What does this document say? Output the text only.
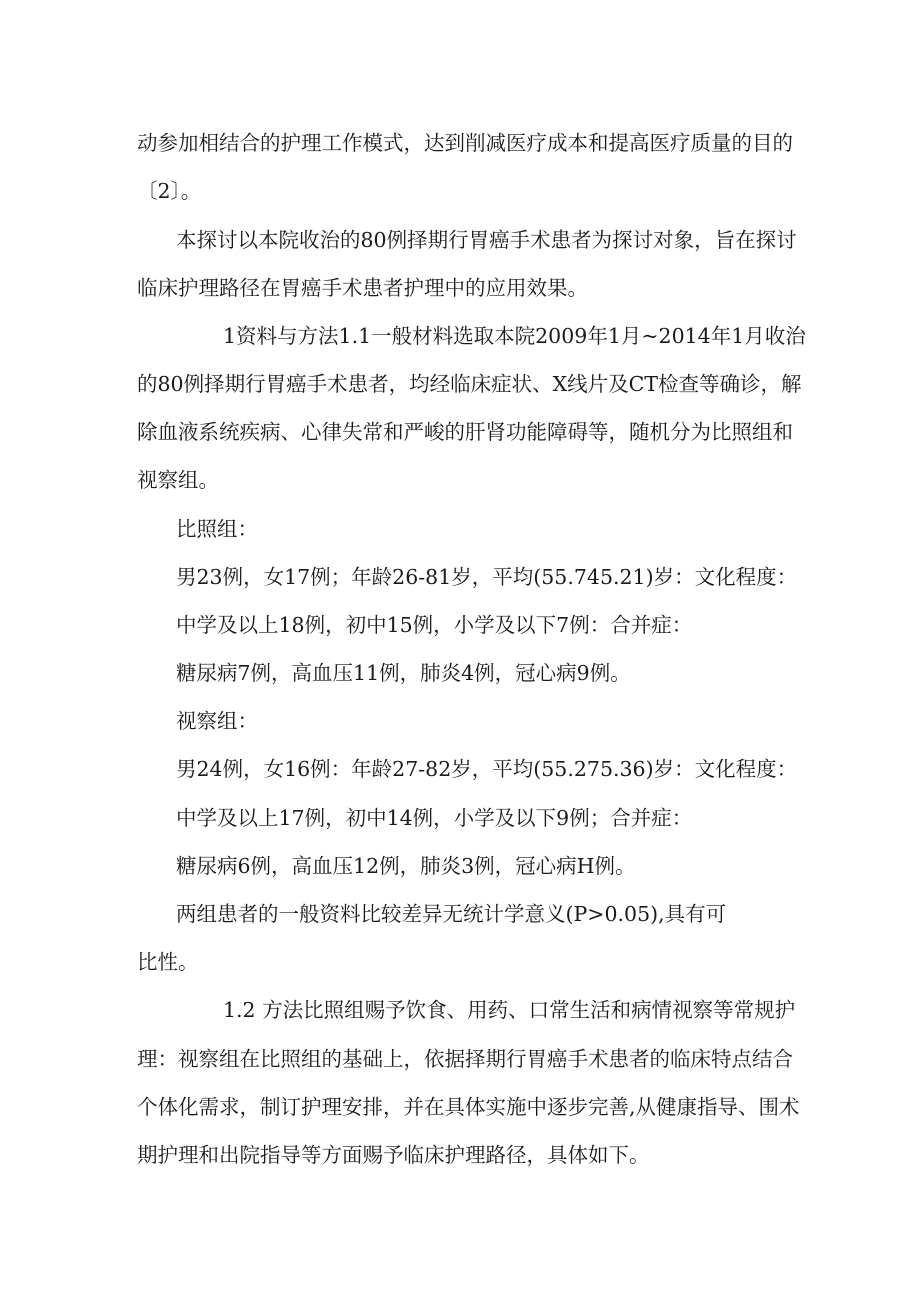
动参加相结合的护理工作模式，达到削减医疗成本和提高医疗质量的目的
〔2〕。
本探讨以本院收治的80例择期行胃癌手术患者为探讨对象，旨在探讨
临床护理路径在胃癌手术患者护理中的应用效果。
1资料与方法1.1一般材料选取本院2009年1月~2014年1月收治
的80例择期行胃癌手术患者，均经临床症状、X线片及CT检查等确诊，解
除血液系统疾病、心律失常和严峻的肝肾功能障碍等，随机分为比照组和
视察组。
比照组：
男23例，女17例；年龄26-81岁，平均(55.745.21)岁：文化程度：
中学及以上18例，初中15例，小学及以下7例：合并症：
糖尿病7例，高血压11例，肺炎4例，冠心病9例。
视察组：
男24例，女16例：年龄27-82岁，平均(55.275.36)岁：文化程度：
中学及以上17例，初中14例，小学及以下9例；合并症：
糖尿病6例，高血压12例，肺炎3例，冠心病H例。
两组患者的一般资料比较差异无统计学意义(P>0.05),具有可
比性。
1.2 方法比照组赐予饮食、用药、口常生活和病情视察等常规护
理：视察组在比照组的基础上，依据择期行胃癌手术患者的临床特点结合
个体化需求，制订护理安排，并在具体实施中逐步完善,从健康指导、围术
期护理和出院指导等方面赐予临床护理路径，具体如下。
